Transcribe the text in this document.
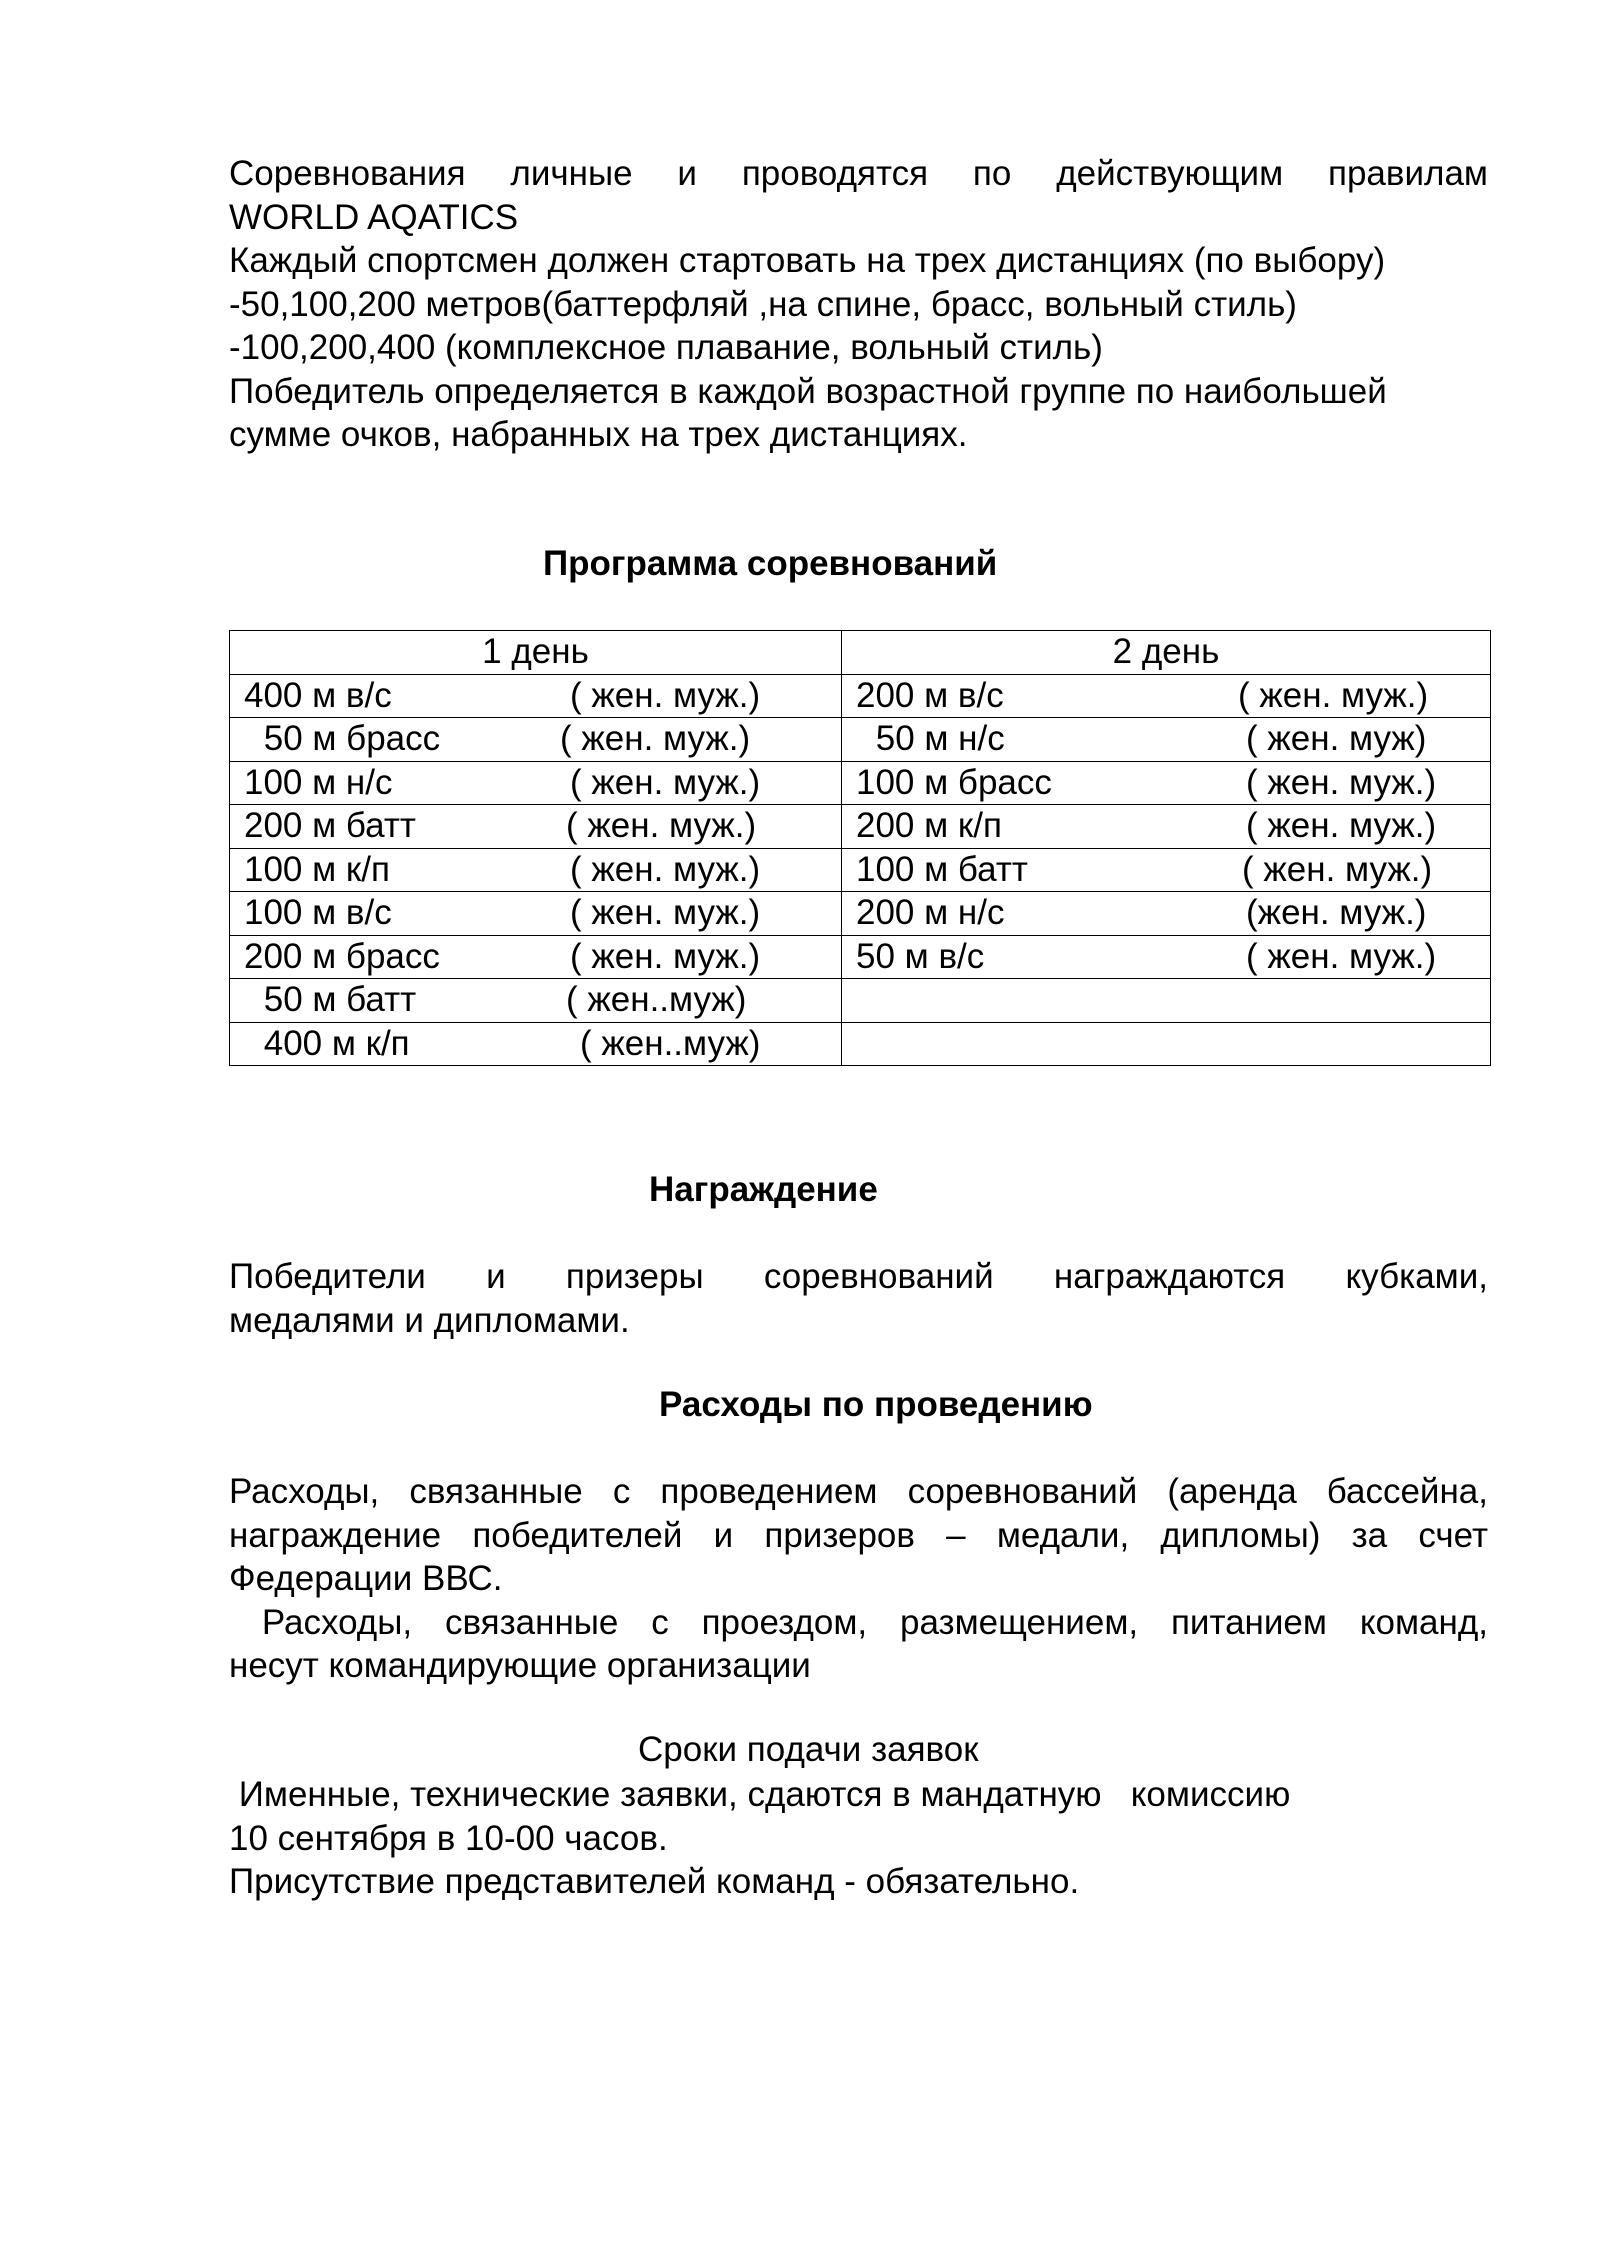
Соревнования личные и проводятся по действующим правилам
WORLD AQATICS
Каждый спортсмен должен стартовать на трех дистанциях (по выбору)
-50,100,200 метров(баттерфляй ,на спине, брасс, вольный стиль)
-100,200,400 (комплексное плавание, вольный стиль)
Победитель определяется в каждой возрастной группе по наибольшей
сумме очков, набранных на трех дистанциях.
Программа соревнований
1 день	2 день

400 м в/с ( жен. муж.)	200 м в/с ( жен. муж.)

50 м брасс ( жен. муж.)	50 м н/с ( жен. муж)

100 м н/с ( жен. муж.)	100 м брасс ( жен. муж.)

200 м батт ( жен. муж.)	200 м к/п ( жен. муж.)

100 м к/п ( жен. муж.)	100 м батт ( жен. муж.)

100 м в/с ( жен. муж.)	200 м н/с (жен. муж.)

200 м брасс ( жен. муж.)	50 м в/с ( жен. муж.)

50 м батт ( жен..муж)	

400 м к/п ( жен..муж)	

Награждение
Победители и призеры соревнований награждаются кубками,
медалями и дипломами.
Расходы по проведению
Расходы, связанные с проведением соревнований (аренда бассейна,
награждение победителей и призеров – медали, дипломы) за счет
Федерации ВВС.
Расходы, связанные с проездом, размещением, питанием команд,
несут командирующие организации
Сроки подачи заявок
Именные, технические заявки, сдаются в мандатную   комиссию
10 сентября в 10-00 часов.
Присутствие представителей команд - обязательно.
